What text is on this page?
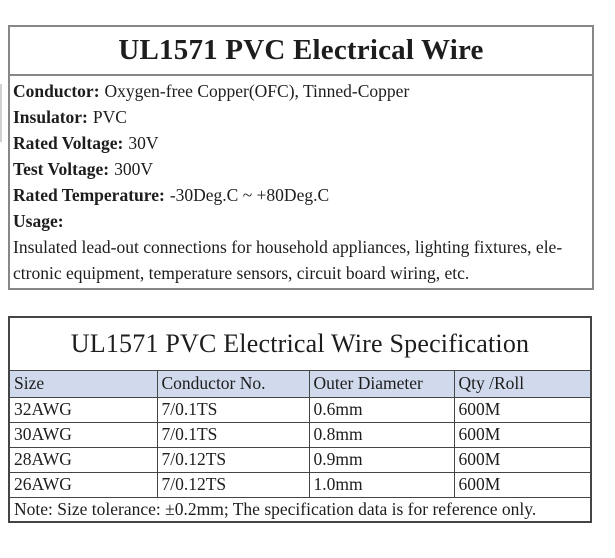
UL1571 PVC Electrical Wire
Conductor: Oxygen-free Copper(OFC), Tinned-Copper
Insulator: PVC
Rated Voltage: 30V
Test Voltage: 300V
Rated Temperature: -30Deg.C ~ +80Deg.C
Usage:
Insulated lead-out connections for household appliances, lighting fixtures, ele-
ctronic equipment, temperature sensors, circuit board wiring, etc.
UL1571 PVC Electrical Wire Specification			
Size	Conductor No.	Outer Diameter	Qty /Roll
32AWG	7/0.1TS	0.6mm	600M
30AWG	7/0.1TS	0.8mm	600M
28AWG	7/0.12TS	0.9mm	600M
26AWG	7/0.12TS	1.0mm	600M
Note: Size tolerance: ±0.2mm; The specification data is for reference only.			
